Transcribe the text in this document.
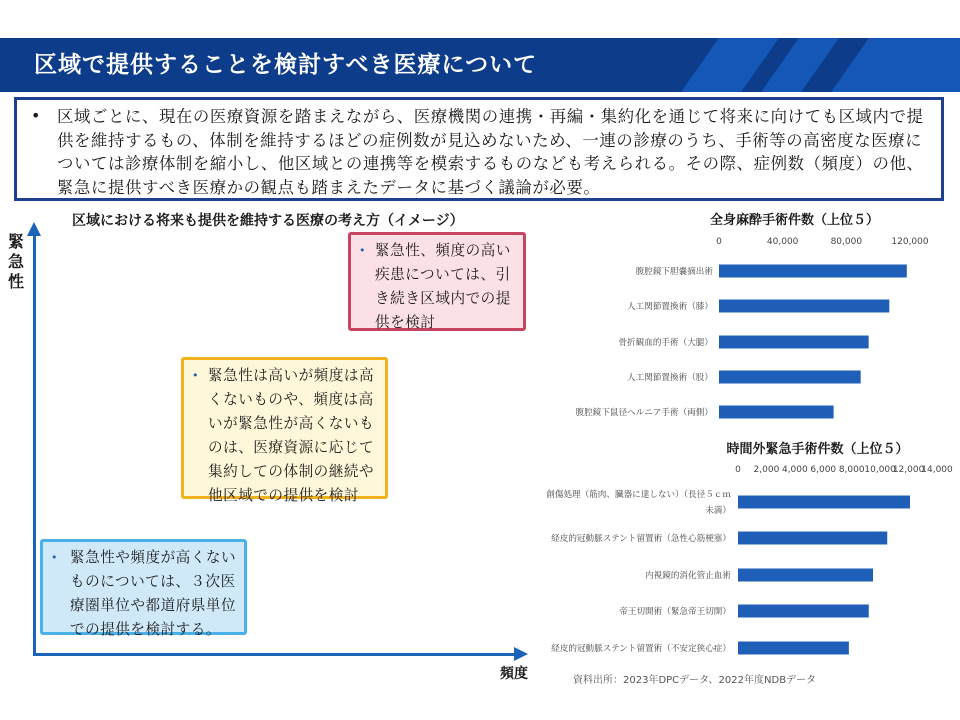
区域で提供することを検討すべき医療について
• 区域ごとに、現在の医療資源を踏まえながら、医療機関の連携・再編・集約化を通じて将来に向けても区域内で提供を維持するもの、体制を維持するほどの症例数が見込めないため、一連の診療のうち、手術等の高密度な医療については診療体制を縮小し、他区域との連携等を模索するものなども考えられる。その際、症例数（頻度）の他、緊急に提供すべき医療かの観点も踏まえたデータに基づく議論が必要。
区域における将来も提供を維持する医療の考え方（イメージ）
緊急性
頻度
• 緊急性、頻度の高い疾患については、引き続き区域内での提供を検討
• 緊急性は高いが頻度は高くないものや、頻度は高いが緊急性が高くないものは、医療資源に応じて集約しての体制の継続や他区域での提供を検討
• 緊急性や頻度が高くないものについては、３次医療圏単位や都道府県単位での提供を検討する。
全身麻酔手術件数（上位５）
0	40,000	80,000	120,000
腹腔鏡下胆嚢摘出術
人工関節置換術（膝）
骨折観血的手術（大腿）
人工関節置換術（股）
腹腔鏡下鼠径ヘルニア手術（両側）
時間外緊急手術件数（上位５）
0 2,000 4,000 6,000 8,000 10,000
12,000
14,000
創傷処理（筋肉、臓器に達しない）（長径５ｃｍ
未満）
経皮的冠動脈ステント留置術（急性心筋梗塞）
内視鏡的消化管止血術
帝王切開術（緊急帝王切開）
経皮的冠動脈ステント留置術（不安定狭心症）
資料出所：2023年DPCデータ、2022年度NDBデータ
